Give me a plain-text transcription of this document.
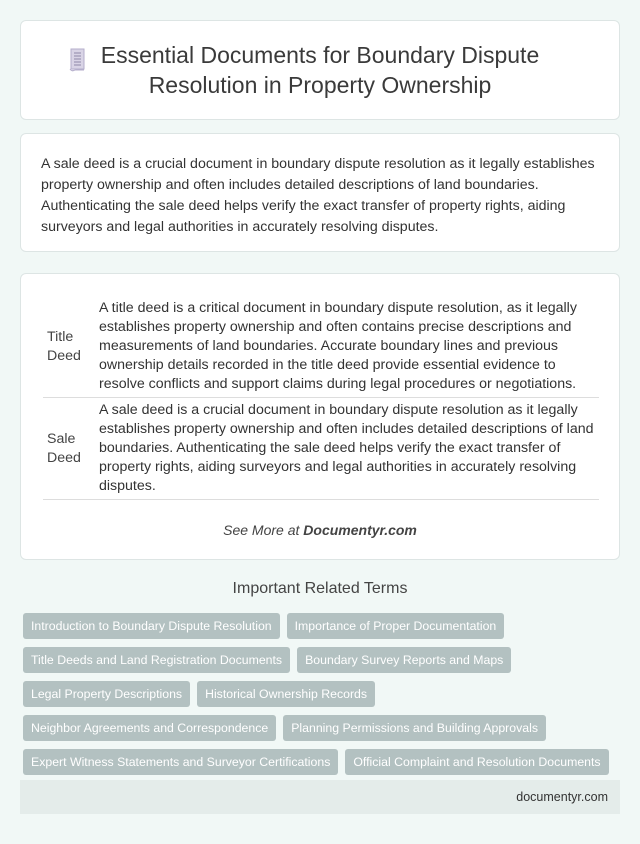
Essential Documents for Boundary Dispute Resolution in Property Ownership
A sale deed is a crucial document in boundary dispute resolution as it legally establishes property ownership and often includes detailed descriptions of land boundaries. Authenticating the sale deed helps verify the exact transfer of property rights, aiding surveyors and legal authorities in accurately resolving disputes.
Title Deed	A title deed is a critical document in boundary dispute resolution, as it legally establishes property ownership and often contains precise descriptions and measurements of land boundaries. Accurate boundary lines and previous ownership details recorded in the title deed provide essential evidence to resolve conflicts and support claims during legal procedures or negotiations.
Sale Deed	A sale deed is a crucial document in boundary dispute resolution as it legally establishes property ownership and often includes detailed descriptions of land boundaries. Authenticating the sale deed helps verify the exact transfer of property rights, aiding surveyors and legal authorities in accurately resolving disputes.
See More at Documentyr.com
Important Related Terms
Introduction to Boundary Dispute Resolution	Importance of Proper Documentation
Title Deeds and Land Registration Documents	Boundary Survey Reports and Maps
Legal Property Descriptions	Historical Ownership Records
Neighbor Agreements and Correspondence	Planning Permissions and Building Approvals
Expert Witness Statements and Surveyor Certifications	Official Complaint and Resolution Documents
documentyr.com
